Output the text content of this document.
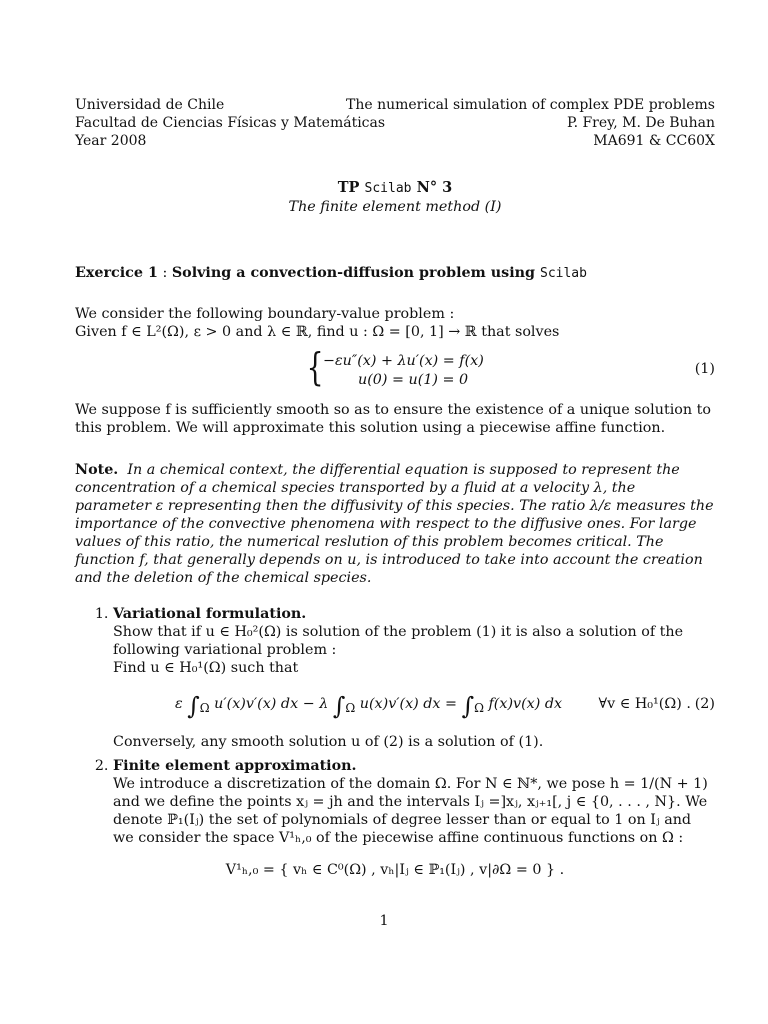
Universidad de Chile	The numerical simulation of complex PDE problems
Facultad de Ciencias Físicas y Matemáticas	P. Frey, M. De Buhan
Year 2008	MA691 & CC60X
TP Scilab N° 3
The finite element method (I)
Exercice 1 : Solving a convection-diffusion problem using Scilab
We consider the following boundary-value problem :
Given f ∈ L²(Ω), ε > 0 and λ ∈ ℝ, find u : Ω = [0, 1] → ℝ that solves
{ −εu″(x) + λu′(x) = f(x)
u(0) = u(1) = 0
(1)
We suppose f is sufficiently smooth so as to ensure the existence of a unique solution to this problem. We will approximate this solution using a piecewise affine function.
Note. In a chemical context, the differential equation is supposed to represent the concentration of a chemical species transported by a fluid at a velocity λ, the parameter ε representing then the diffusivity of this species. The ratio λ/ε measures the importance of the convective phenomena with respect to the diffusive ones. For large values of this ratio, the numerical reslution of this problem becomes critical. The function f, that generally depends on u, is introduced to take into account the creation and the deletion of the chemical species.
1. Variational formulation.
Show that if u ∈ H₀²(Ω) is solution of the problem (1) it is also a solution of the following variational problem :
Find u ∈ H₀¹(Ω) such that
ε $\int_\Omega$ u′(x)v′(x) dx − λ $\int_\Omega$ u(x)v′(x) dx = $\int_\Omega$ f(x)v(x) dx	∀v ∈ H₀¹(Ω) . (2)
Conversely, any smooth solution u of (2) is a solution of (1).
2. Finite element approximation.
We introduce a discretization of the domain Ω. For N ∈ ℕ*, we pose h = 1/(N + 1) and we define the points xⱼ = jh and the intervals Iⱼ =]xⱼ, xⱼ₊₁[, j ∈ {0, . . . , N}. We denote ℙ₁(Iⱼ) the set of polynomials of degree lesser than or equal to 1 on Iⱼ and we consider the space V¹ₕ,₀ of the piecewise affine continuous functions on Ω :
V¹ₕ,₀ = { vₕ ∈ C⁰(Ω) , vₕ|Iⱼ ∈ ℙ₁(Iⱼ) , v|∂Ω = 0 } .
1
